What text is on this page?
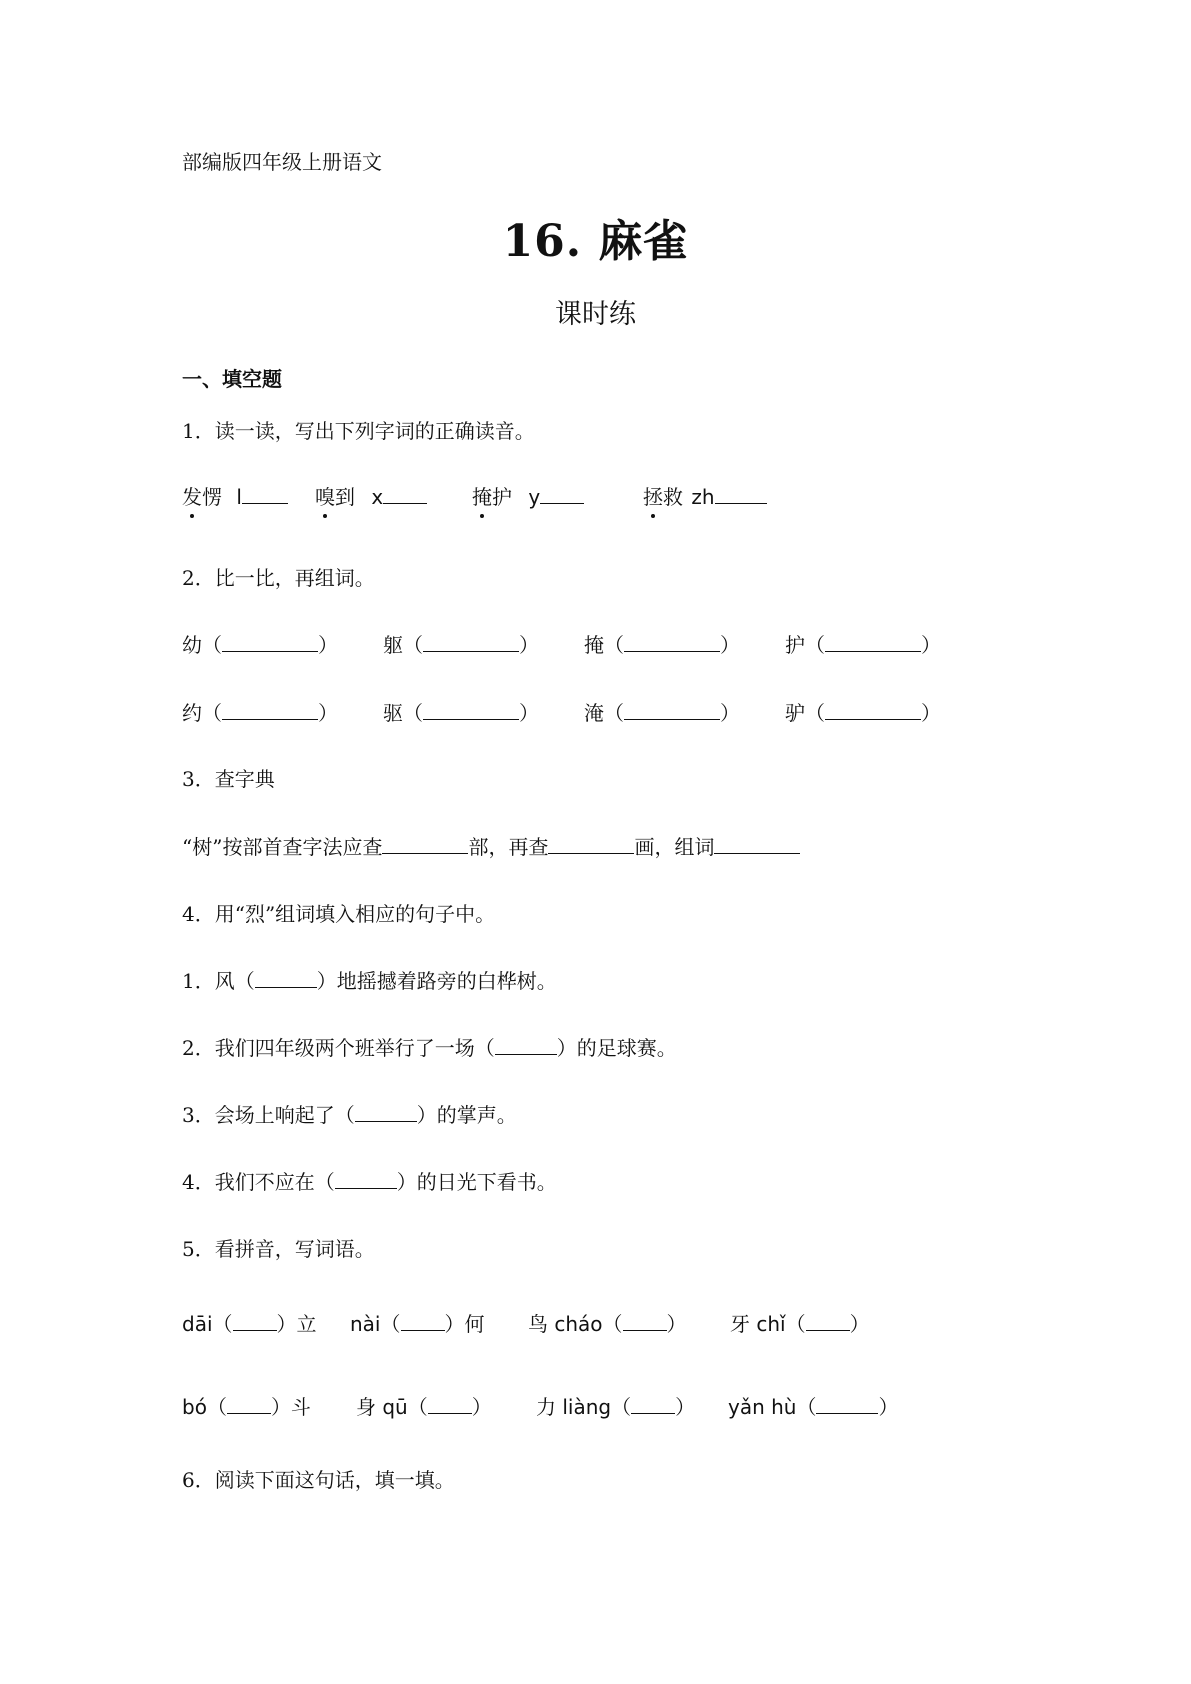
部编版四年级上册语文
16. 麻雀
课时练
一、填空题
1．读一读，写出下列字词的正确读音。
发愣 l	嗅到 x	掩护 y	拯救 zh
2．比一比，再组词。
幼（	） 躯（	） 掩（	） 护（	）
约（	） 驱（	） 淹（	） 驴（	）
3．查字典
“树”按部首查字法应查	部，再查	画，组词
4．用“烈”组词填入相应的句子中。
1．风（	）地摇撼着路旁的白桦树。
2．我们四年级两个班举行了一场（	）的足球赛。
3．会场上响起了（	）的掌声。
4．我们不应在（	）的日光下看书。
5．看拼音，写词语。
dāi（ ）立 nài（ ）何 鸟 cháo（ ） 牙 chǐ（ ）
bó（ ）斗 身 qū（ ） 力 liàng（ ） yǎn hù（	）
6．阅读下面这句话，填一填。
